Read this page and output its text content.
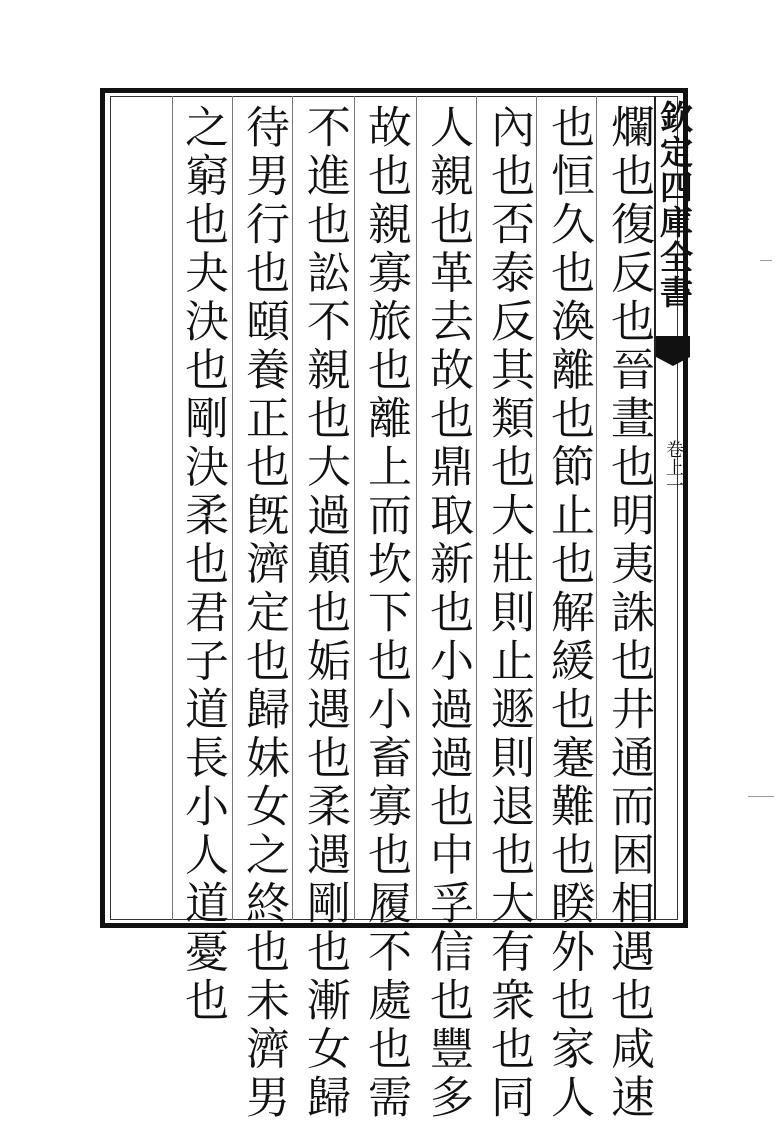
欽定四庫全書
卷上一
爛也復反也晉晝也明夷誅也井通而困相遇也咸速
也恒久也渙離也節止也解緩也蹇難也睽外也家人
內也否泰反其類也大壯則止遯則退也大有衆也同
人親也革去故也鼎取新也小過過也中孚信也豐多
故也親寡旅也離上而坎下也小畜寡也履不處也需
不進也訟不親也大過顛也姤遇也柔遇剛也漸女歸
待男行也頤養正也旣濟定也歸妹女之終也未濟男
之窮也夬決也剛決柔也君子道長小人道憂也
